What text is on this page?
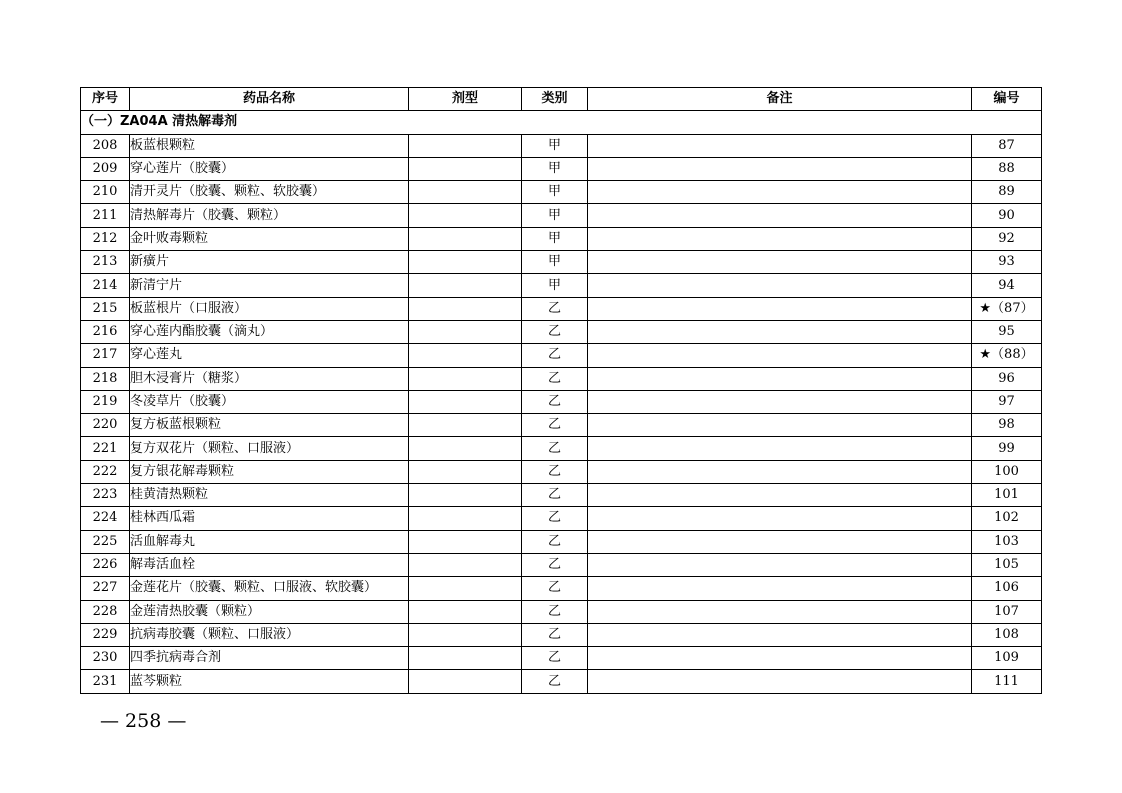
序号	药品名称	剂型	类别	备注	编号
（一）ZA04A 清热解毒剂					
208	板蓝根颗粒		甲		87
209	穿心莲片（胶囊）		甲		88
210	清开灵片（胶囊、颗粒、软胶囊）		甲		89
211	清热解毒片（胶囊、颗粒）		甲		90
212	金叶败毒颗粒		甲		92
213	新癀片		甲		93
214	新清宁片		甲		94
215	板蓝根片（口服液）		乙		★（87）
216	穿心莲内酯胶囊（滴丸）		乙		95
217	穿心莲丸		乙		★（88）
218	胆木浸膏片（糖浆）		乙		96
219	冬凌草片（胶囊）		乙		97
220	复方板蓝根颗粒		乙		98
221	复方双花片（颗粒、口服液）		乙		99
222	复方银花解毒颗粒		乙		100
223	桂黄清热颗粒		乙		101
224	桂林西瓜霜		乙		102
225	活血解毒丸		乙		103
226	解毒活血栓		乙		105
227	金莲花片（胶囊、颗粒、口服液、软胶囊）		乙		106
228	金莲清热胶囊（颗粒）		乙		107
229	抗病毒胶囊（颗粒、口服液）		乙		108
230	四季抗病毒合剂		乙		109
231	蓝芩颗粒		乙		111
— 258 —
